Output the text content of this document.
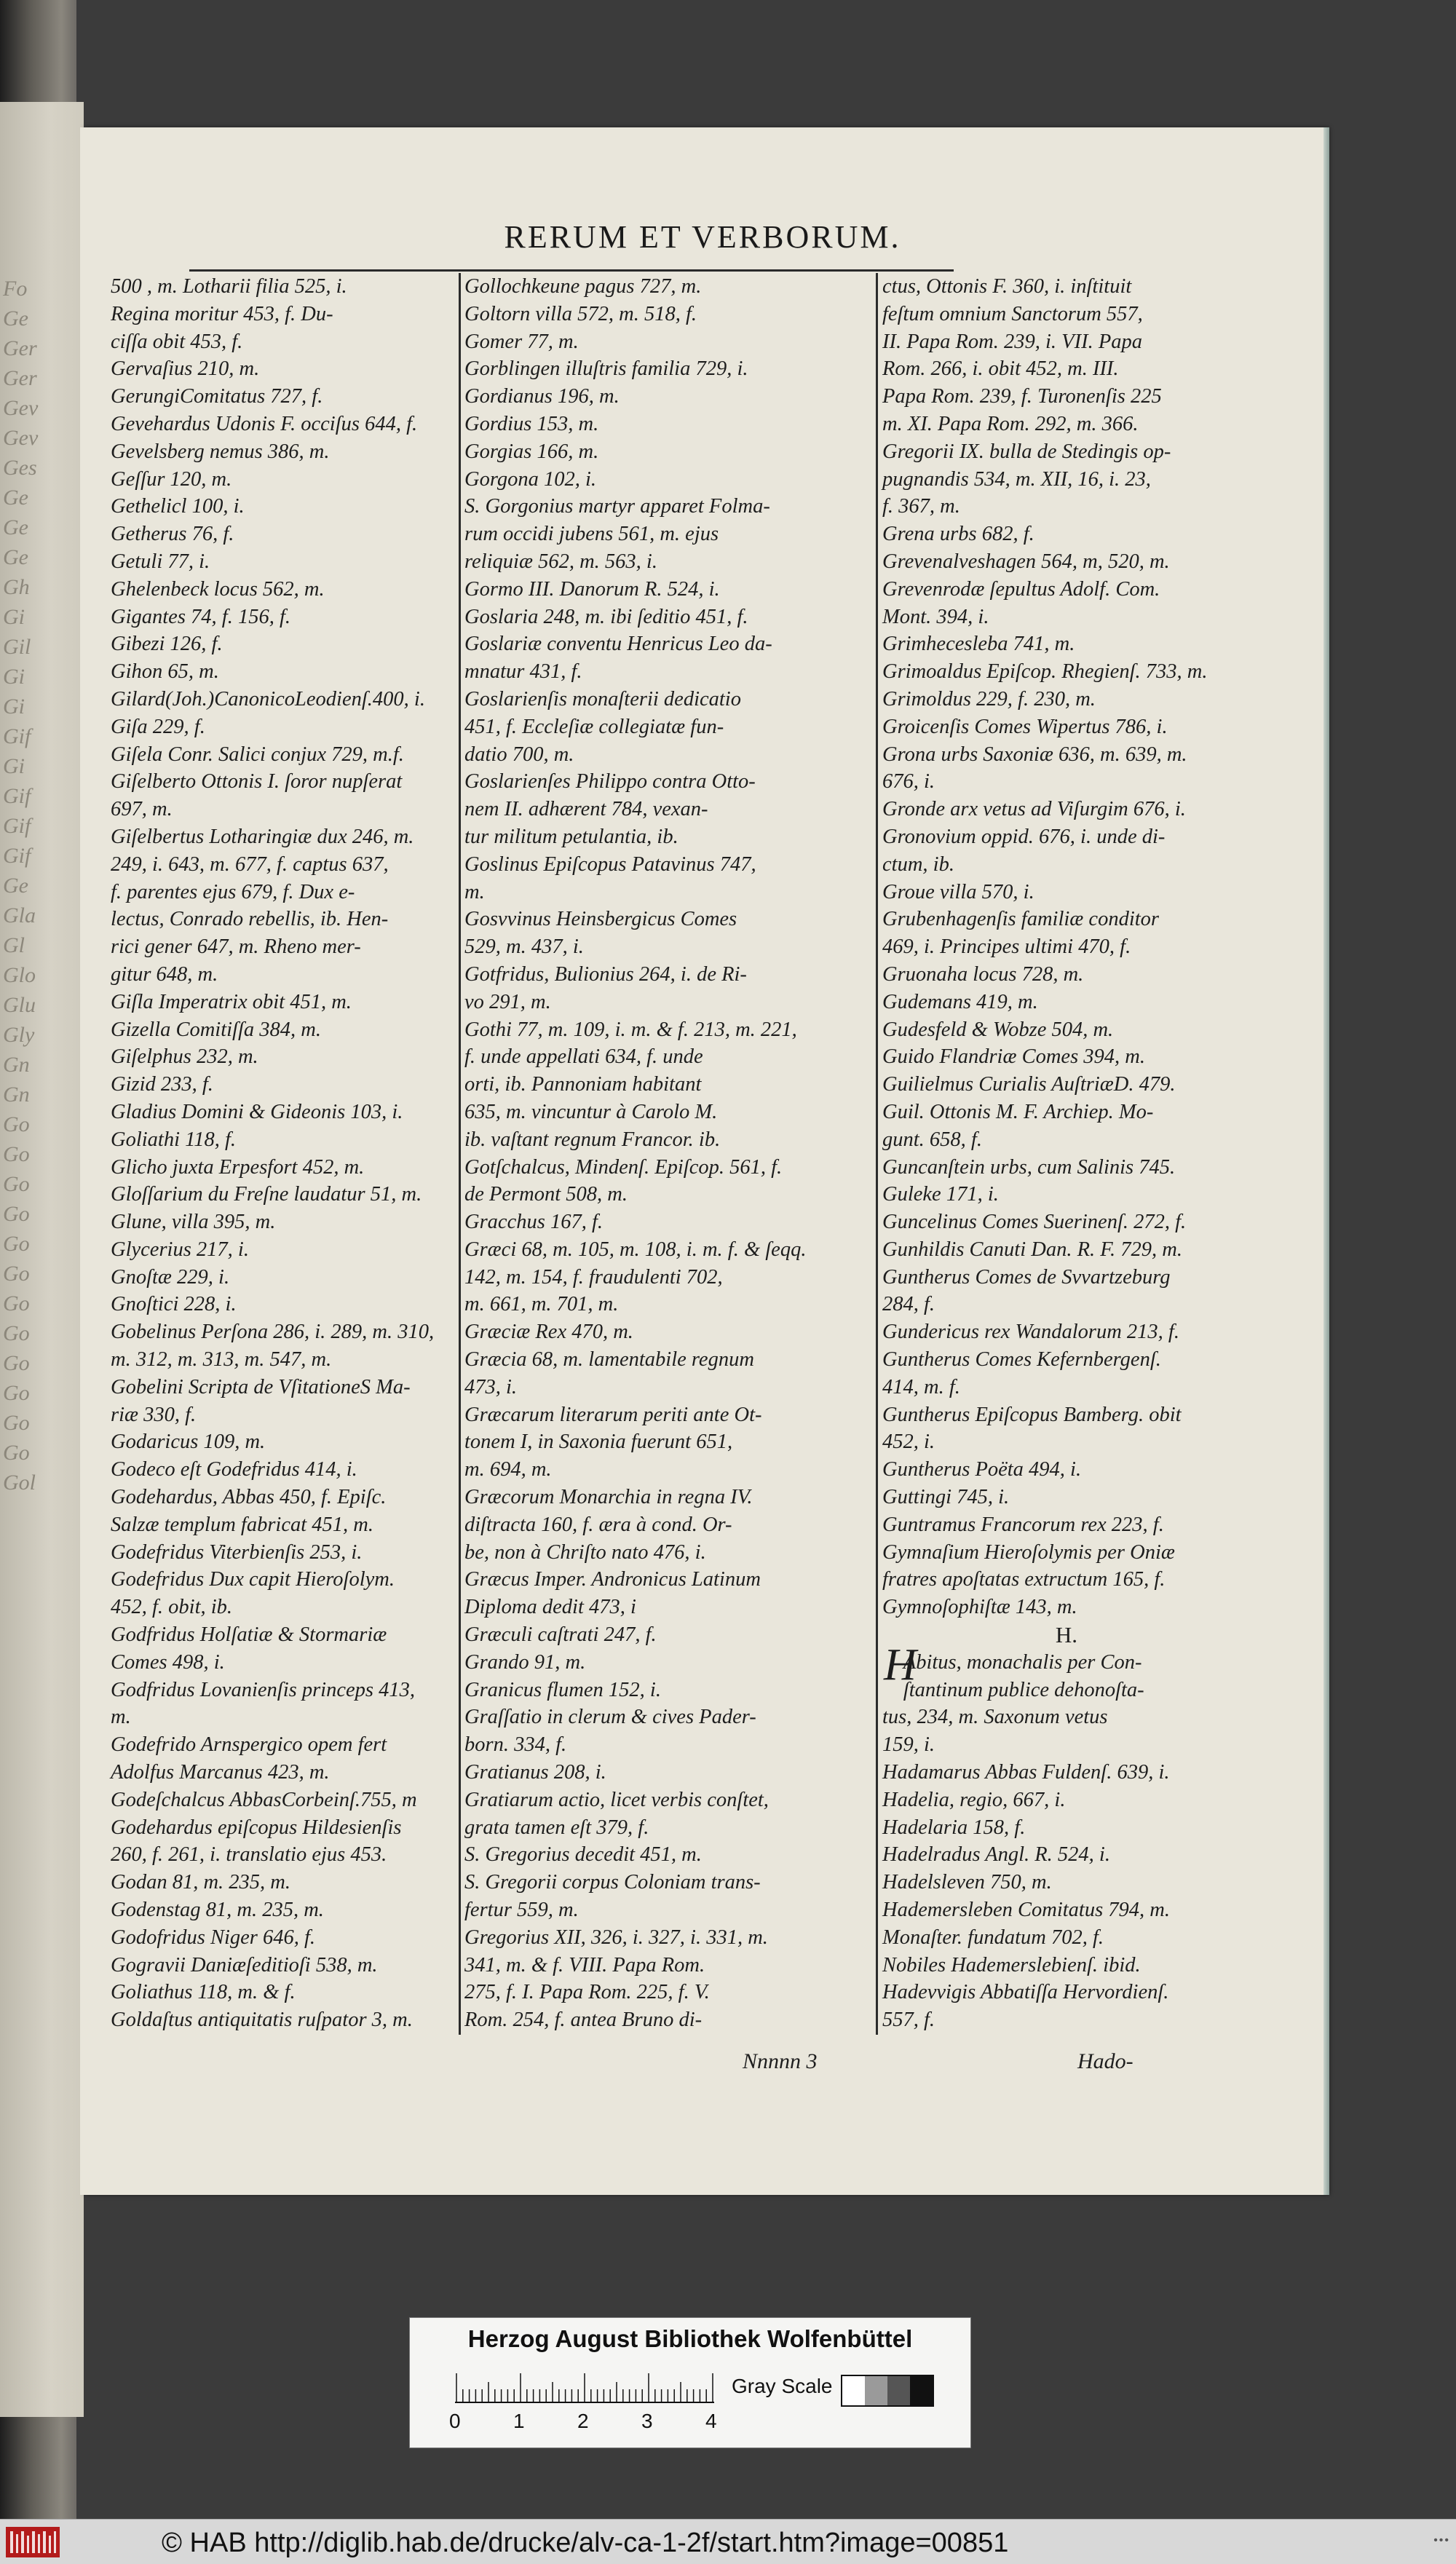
Fo
Ge
Ger
Ger
Gev
Gev
Ges
Ge
Ge
Ge
Gh
Gi
Gil
Gi
Gi
Gif
Gi
Gif
Gif
Gif
Ge
Gla
Gl
Glo
Glu
Gly
Gn
Gn
Go
Go
Go
Go
Go
Go
Go
Go
Go
Go
Go
Go
Gol
RERUM ET VERBORUM.
500 , m. Lotharii filia 525, i.
Regina moritur 453, f. Du-
ciſſa obit 453, f.
Gervaſius 210, m.
GerungiComitatus 727, f.
Gevehardus Udonis F. occiſus 644, f.
Gevelsberg nemus 386, m.
Geſſur 120, m.
Gethelicl 100, i.
Getherus 76, f.
Getuli 77, i.
Ghelenbeck locus 562, m.
Gigantes 74, f. 156, f.
Gibezi 126, f.
Gihon 65, m.
Gilard(Joh.)CanonicoLeodienſ.400, i.
Giſa 229, f.
Giſela Conr. Salici conjux 729, m.f.
Giſelberto Ottonis I. ſoror nupſerat
697, m.
Giſelbertus Lotharingiæ dux 246, m.
249, i. 643, m. 677, f. captus 637,
f. parentes ejus 679, f. Dux e-
lectus, Conrado rebellis, ib. Hen-
rici gener 647, m. Rheno mer-
gitur 648, m.
Giſla Imperatrix obit 451, m.
Gizella Comitiſſa 384, m.
Giſelphus 232, m.
Gizid 233, f.
Gladius Domini & Gideonis 103, i.
Goliathi 118, f.
Glicho juxta Erpesfort 452, m.
Gloſſarium du Freſne laudatur 51, m.
Glune, villa 395, m.
Glycerius 217, i.
Gnoſtæ 229, i.
Gnoſtici 228, i.
Gobelinus Perſona 286, i. 289, m. 310,
m. 312, m. 313, m. 547, m.
Gobelini Scripta de VſitationeS Ma-
riæ 330, f.
Godaricus 109, m.
Godeco eſt Godefridus 414, i.
Godehardus, Abbas 450, f. Epiſc.
Salzæ templum fabricat 451, m.
Godefridus Viterbienſis 253, i.
Godefridus Dux capit Hieroſolym.
452, f. obit, ib.
Godfridus Holſatiæ & Stormariæ
Comes 498, i.
Godfridus Lovanienſis princeps 413,
m.
Godefrido Arnspergico opem fert
Adolfus Marcanus 423, m.
Godeſchalcus AbbasCorbeinſ.755, m
Godehardus epiſcopus Hildesienſis
260, f. 261, i. translatio ejus 453.
Godan 81, m. 235, m.
Godenstag 81, m. 235, m.
Godofridus Niger 646, f.
Gogravii Daniæſeditioſi 538, m.
Goliathus 118, m. & f.
Goldaſtus antiquitatis ruſpator 3, m.
Gollochkeune pagus 727, m.
Goltorn villa 572, m. 518, f.
Gomer 77, m.
Gorblingen illuſtris familia 729, i.
Gordianus 196, m.
Gordius 153, m.
Gorgias 166, m.
Gorgona 102, i.
S. Gorgonius martyr apparet Folma-
rum occidi jubens 561, m. ejus
reliquiæ 562, m. 563, i.
Gormo III. Danorum R. 524, i.
Goslaria 248, m. ibi ſeditio 451, f.
Goslariæ conventu Henricus Leo da-
mnatur 431, f.
Goslarienſis monaſterii dedicatio
451, f. Eccleſiæ collegiatæ fun-
datio 700, m.
Goslarienſes Philippo contra Otto-
nem II. adhærent 784, vexan-
tur militum petulantia, ib.
Goslinus Epiſcopus Patavinus 747,
m.
Gosvvinus Heinsbergicus Comes
529, m. 437, i.
Gotfridus, Bulionius 264, i. de Ri-
vo 291, m.
Gothi 77, m. 109, i. m. & f. 213, m. 221,
f. unde appellati 634, f. unde
orti, ib. Pannoniam habitant
635, m. vincuntur à Carolo M.
ib. vaſtant regnum Francor. ib.
Gotſchalcus, Mindenſ. Epiſcop. 561, f.
de Permont 508, m.
Gracchus 167, f.
Græci 68, m. 105, m. 108, i. m. f. & ſeqq.
142, m. 154, f. fraudulenti 702,
m. 661, m. 701, m.
Græciæ Rex 470, m.
Græcia 68, m. lamentabile regnum
473, i.
Græcarum literarum periti ante Ot-
tonem I, in Saxonia fuerunt 651,
m. 694, m.
Græcorum Monarchia in regna IV.
diſtracta 160, f. æra à cond. Or-
be, non à Chriſto nato 476, i.
Græcus Imper. Andronicus Latinum
Diploma dedit 473, i
Græculi caſtrati 247, f.
Grando 91, m.
Granicus flumen 152, i.
Graſſatio in clerum & cives Pader-
born. 334, f.
Gratianus 208, i.
Gratiarum actio, licet verbis conſtet,
grata tamen eſt 379, f.
S. Gregorius decedit 451, m.
S. Gregorii corpus Coloniam trans-
fertur 559, m.
Gregorius XII, 326, i. 327, i. 331, m.
341, m. & f. VIII. Papa Rom.
275, f. I. Papa Rom. 225, f. V.
Rom. 254, f. antea Bruno di-
ctus, Ottonis F. 360, i. inſtituit
feſtum omnium Sanctorum 557,
II. Papa Rom. 239, i. VII. Papa
Rom. 266, i. obit 452, m. III.
Papa Rom. 239, f. Turonenſis 225
m. XI. Papa Rom. 292, m. 366.
Gregorii IX. bulla de Stedingis op-
pugnandis 534, m. XII, 16, i. 23,
f. 367, m.
Grena urbs 682, f.
Grevenalveshagen 564, m, 520, m.
Grevenrodæ ſepultus Adolf. Com.
Mont. 394, i.
Grimhecesleba 741, m.
Grimoaldus Epiſcop. Rhegienſ. 733, m.
Grimoldus 229, f. 230, m.
Groicenſis Comes Wipertus 786, i.
Grona urbs Saxoniæ 636, m. 639, m.
676, i.
Gronde arx vetus ad Viſurgim 676, i.
Gronovium oppid. 676, i. unde di-
ctum, ib.
Groue villa 570, i.
Grubenhagenſis familiæ conditor
469, i. Principes ultimi 470, f.
Gruonaha locus 728, m.
Gudemans 419, m.
Gudesfeld & Wobze 504, m.
Guido Flandriæ Comes 394, m.
Guilielmus Curialis AuſtriæD. 479.
Guil. Ottonis M. F. Archiep. Mo-
gunt. 658, f.
Guncanſtein urbs, cum Salinis 745.
Guleke 171, i.
Guncelinus Comes Suerinenſ. 272, f.
Gunhildis Canuti Dan. R. F. 729, m.
Guntherus Comes de Svvartzeburg
284, f.
Gundericus rex Wandalorum 213, f.
Guntherus Comes Kefernbergenſ.
414, m. f.
Guntherus Epiſcopus Bamberg. obit
452, i.
Guntherus Poëta 494, i.
Guttingi 745, i.
Guntramus Francorum rex 223, f.
Gymnaſium Hieroſolymis per Oniæ
fratres apoſtatas extructum 165, f.
Gymnoſophiſtæ 143, m.
H.
H
Abitus, monachalis per Con-
ſtantinum publice dehonoſta-
tus, 234, m. Saxonum vetus
159, i.
Hadamarus Abbas Fuldenſ. 639, i.
Hadelia, regio, 667, i.
Hadelaria 158, f.
Hadelradus Angl. R. 524, i.
Hadelsleven 750, m.
Hademersleben Comitatus 794, m.
Monaſter. fundatum 702, f.
Nobiles Hademerslebienſ. ibid.
Hadevvigis Abbatiſſa Hervordienſ.
557, f.
Nnnnn 3	Hado-
Herzog August Bibliothek Wolfenbüttel
0	1	2	3	4
Gray Scale
© HAB http://diglib.hab.de/drucke/alv-ca-1-2f/start.htm?image=00851	•••
